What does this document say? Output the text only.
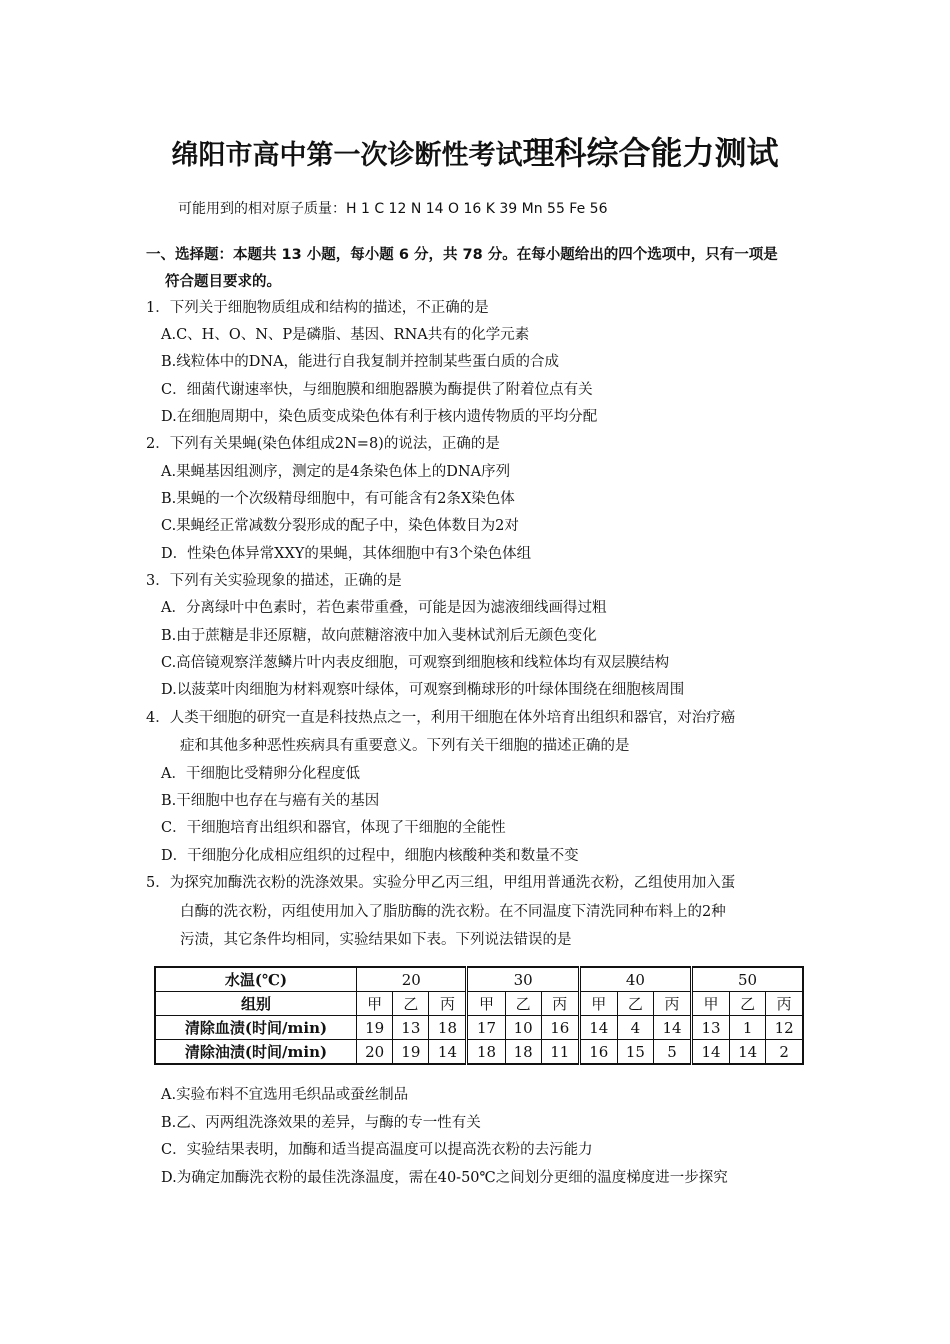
绵阳市高中第一次诊断性考试理科综合能力测试
可能用到的相对原子质量：H 1 C 12 N 14 O 16 K 39 Mn 55 Fe 56
一、选择题：本题共 13 小题，每小题 6 分，共 78 分。在每小题给出的四个选项中，只有一项是
符合题目要求的。
1．下列关于细胞物质组成和结构的描述，不正确的是
A.C、H、O、N、P是磷脂、基因、RNA共有的化学元素
B.线粒体中的DNA，能进行自我复制并控制某些蛋白质的合成
C．细菌代谢速率快，与细胞膜和细胞器膜为酶提供了附着位点有关
D.在细胞周期中，染色质变成染色体有利于核内遗传物质的平均分配
2．下列有关果蝇(染色体组成2N=8)的说法，正确的是
A.果蝇基因组测序，测定的是4条染色体上的DNA序列
B.果蝇的一个次级精母细胞中，有可能含有2条X染色体
C.果蝇经正常减数分裂形成的配子中，染色体数目为2对
D．性染色体异常XXY的果蝇，其体细胞中有3个染色体组
3．下列有关实验现象的描述，正确的是
A．分离绿叶中色素时，若色素带重叠，可能是因为滤液细线画得过粗
B.由于蔗糖是非还原糖，故向蔗糖溶液中加入斐林试剂后无颜色变化
C.高倍镜观察洋葱鳞片叶内表皮细胞，可观察到细胞核和线粒体均有双层膜结构
D.以菠菜叶肉细胞为材料观察叶绿体，可观察到椭球形的叶绿体围绕在细胞核周围
4．人类干细胞的研究一直是科技热点之一，利用干细胞在体外培育出组织和器官，对治疗癌
症和其他多种恶性疾病具有重要意义。下列有关干细胞的描述正确的是
A．干细胞比受精卵分化程度低
B.干细胞中也存在与癌有关的基因
C．干细胞培育出组织和器官，体现了干细胞的全能性
D．干细胞分化成相应组织的过程中，细胞内核酸种类和数量不变
5．为探究加酶洗衣粉的洗涤效果。实验分甲乙丙三组，甲组用普通洗衣粉，乙组使用加入蛋
白酶的洗衣粉，丙组使用加入了脂肪酶的洗衣粉。在不同温度下清洗同种布料上的2种
污渍，其它条件均相同，实验结果如下表。下列说法错误的是
水温(℃)	20			30			40			50		
组别	甲	乙	丙	甲	乙	丙	甲	乙	丙	甲	乙	丙
清除血渍(时间/min)	19	13	18	17	10	16	14	4	14	13	1	12
清除油渍(时间/min)	20	19	14	18	18	11	16	15	5	14	14	2
A.实验布料不宜选用毛织品或蚕丝制品
B.乙、丙两组洗涤效果的差异，与酶的专一性有关
C．实验结果表明，加酶和适当提高温度可以提高洗衣粉的去污能力
D.为确定加酶洗衣粉的最佳洗涤温度，需在40-50℃之间划分更细的温度梯度进一步探究
